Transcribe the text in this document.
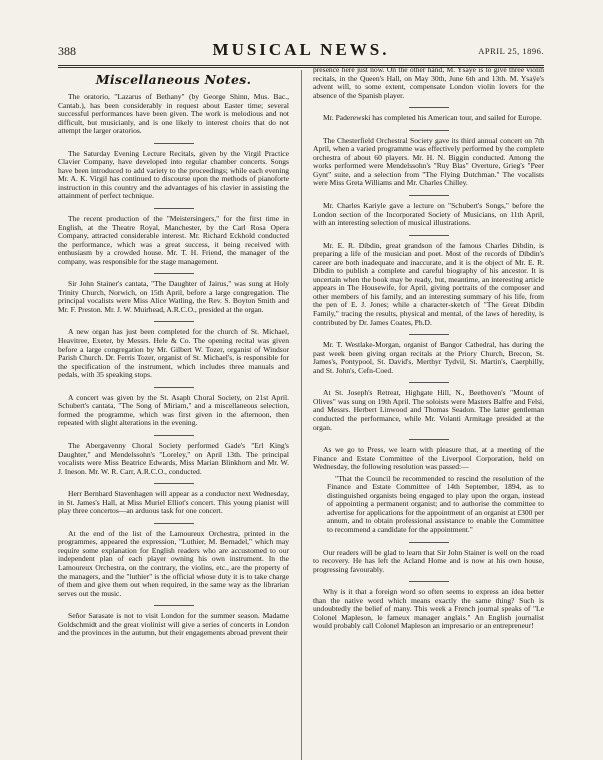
388	MUSICAL NEWS.	APRIL 25, 1896.
Miscellaneous Notes.

The oratorio, "Lazarus of Bethany" (by George Shinn, Mus. Bac., Cantab.), has been considerably in request about Easter time; several successful performances have been given. The work is melodious and not difficult, but musicianly, and is one likely to interest choirs that do not attempt the larger oratorios.

The Saturday Evening Lecture Recitals, given by the Virgil Practice Clavier Company, have developed into regular chamber concerts. Songs have been introduced to add variety to the proceedings; while each evening Mr. A. K. Virgil has continued to discourse upon the methods of pianoforte instruction in this country and the advantages of his clavier in assisting the attainment of perfect technique.

The recent production of the "Meistersingers," for the first time in English, at the Theatre Royal, Manchester, by the Carl Rosa Opera Company, attracted considerable interest. Mr. Richard Eckhold conducted the performance, which was a great success, it being received with enthusiasm by a crowded house. Mr. T. H. Friend, the manager of the company, was responsible for the stage management.

Sir John Stainer's cantata, "The Daughter of Jairus," was sung at Holy Trinity Church, Norwich, on 15th April, before a large congregation. The principal vocalists were Miss Alice Watling, the Rev. S. Boyton Smith and Mr. F. Preston. Mr. J. W. Muirhead, A.R.C.O., presided at the organ.

A new organ has just been completed for the church of St. Michael, Heavitree, Exeter, by Messrs. Hele & Co. The opening recital was given before a large congregation by Mr. Gilbert W. Tozer, organist of Windsor Parish Church. Dr. Ferris Tozer, organist of St. Michael's, is responsible for the specification of the instrument, which includes three manuals and pedals, with 35 speaking stops.

A concert was given by the St. Asaph Choral Society, on 21st April. Schubert's cantata, "The Song of Miriam," and a miscellaneous selection, formed the programme, which was first given in the afternoon, then repeated with slight alterations in the evening.

The Abergavenny Choral Society performed Gade's "Erl King's Daughter," and Mendelssohn's "Loreley," on April 13th. The principal vocalists were Miss Beatrice Edwards, Miss Marian Blinkhorn and Mr. W. J. Ineson. Mr. W. R. Carr, A.R.C.O., conducted.

Herr Bernhard Stavenhagen will appear as a conductor next Wednesday, in St. James's Hall, at Miss Muriel Elliot's concert. This young pianist will play three concertos—an arduous task for one concert.

At the end of the list of the Lamoureux Orchestra, printed in the programmes, appeared the expression, "Luthier, M. Bernadel," which may require some explanation for English readers who are accustomed to our independent plan of each player owning his own instrument. In the Lamoureux Orchestra, on the contrary, the violins, etc., are the property of the managers, and the "luthier" is the official whose duty it is to take charge of them and give them out when required, in the same way as the librarian serves out the music.

Señor Sarasate is not to visit London for the summer season. Madame Goldschmidt and the great violinist will give a series of concerts in London and the provinces in the autumn, but their engagements abroad prevent their

presence here just now. On the other hand, M. Ysaÿe is to give three violin recitals, in the Queen's Hall, on May 30th, June 6th and 13th. M. Ysaÿe's advent will, to some extent, compensate London violin lovers for the absence of the Spanish player.

Mr. Paderewski has completed his American tour, and sailed for Europe.

The Chesterfield Orchestral Society gave its third annual concert on 7th April, when a varied programme was effectively performed by the complete orchestra of about 60 players. Mr. H. N. Biggin conducted. Among the works performed were Mendelssohn's "Ruy Blas" Overture, Grieg's "Peer Gynt" suite, and a selection from "The Flying Dutchman." The vocalists were Miss Greta Williams and Mr. Charles Chilley.

Mr. Charles Kariyle gave a lecture on "Schubert's Songs," before the London section of the Incorporated Society of Musicians, on 11th April, with an interesting selection of musical illustrations.

Mr. E. R. Dibdin, great grandson of the famous Charles Dibdin, is preparing a life of the musician and poet. Most of the records of Dibdin's career are both inadequate and inaccurate, and it is the object of Mr. E. R. Dibdin to publish a complete and careful biography of his ancestor. It is uncertain when the book may be ready, but, meantime, an interesting article appears in The Housewife, for April, giving portraits of the composer and other members of his family, and an interesting summary of his life, from the pen of E. J. Jones; while a character-sketch of "The Great Dibdin Family," tracing the results, physical and mental, of the laws of heredity, is contributed by Dr. James Coates, Ph.D.

Mr. T. Westlake-Morgan, organist of Bangor Cathedral, has during the past week been giving organ recitals at the Priory Church, Brecon, St. James's, Pontypool, St. David's, Merthyr Tydvil, St. Martin's, Caerphilly, and St. John's, Cefn-Coed.

At St. Joseph's Retreat, Highgate Hill, N., Beethoven's "Mount of Olives" was sung on 19th April. The soloists were Masters Balfre and Felsi, and Messrs. Herbert Linwood and Thomas Seadon. The latter gentleman conducted the performance, while Mr. Volanti Armitage presided at the organ.

As we go to Press, we learn with pleasure that, at a meeting of the Finance and Estate Committee of the Liverpool Corporation, held on Wednesday, the following resolution was passed:—

"That the Council be recommended to rescind the resolution of the Finance and Estate Committee of 14th September, 1894, as to distinguished organists being engaged to play upon the organ, instead of appointing a permanent organist; and to authorise the committee to advertise for applications for the appointment of an organist at £300 per annum, and to obtain professional assistance to enable the Committee to recommend a candidate for the appointment."

Our readers will be glad to learn that Sir John Stainer is well on the road to recovery. He has left the Acland Home and is now at his own house, progressing favourably.

Why is it that a foreign word so often seems to express an idea better than the native word which means exactly the same thing? Such is undoubtedly the belief of many. This week a French journal speaks of "Le Colonel Mapleson, le fameux manager anglais." An English journalist would probably call Colonel Mapleson an impresario or an entrepreneur!
